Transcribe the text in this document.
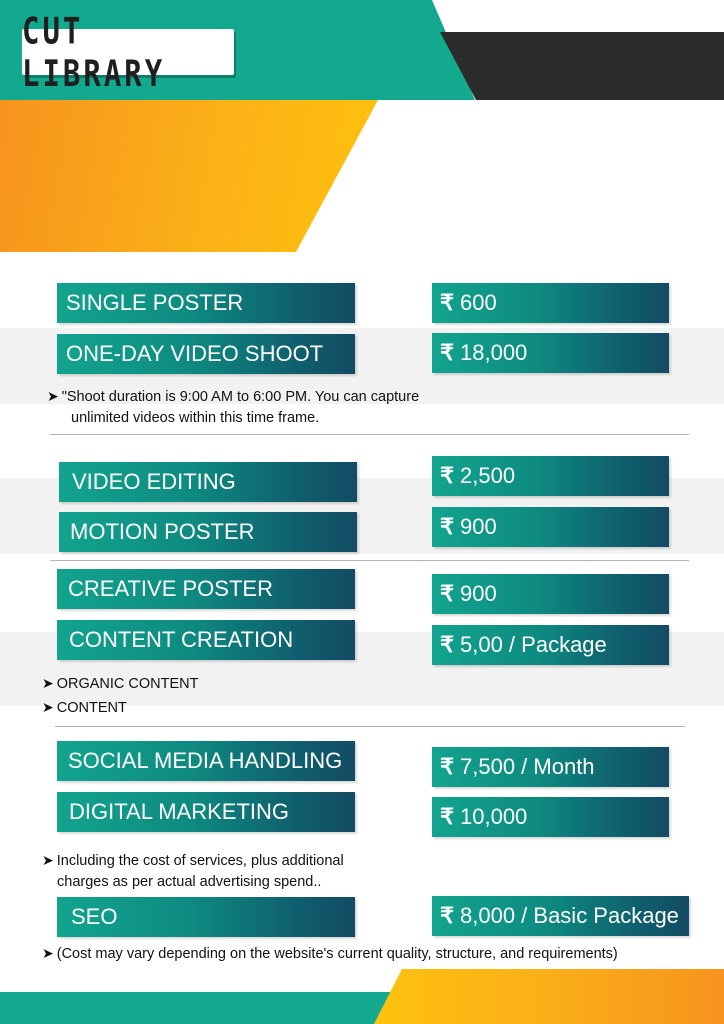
CUT LIBRARY
SINGLE POSTER	₹ 600
ONE-DAY VIDEO SHOOT	₹ 18,000
➤ "Shoot duration is 9:00 AM to 6:00 PM. You can capture
unlimited videos within this time frame.
VIDEO EDITING	₹ 2,500
MOTION POSTER	₹ 900
CREATIVE POSTER	₹ 900
CONTENT CREATION	₹ 5,00 / Package
➤ ORGANIC CONTENT
➤ CONTENT
SOCIAL MEDIA HANDLING	₹ 7,500 / Month
DIGITAL MARKETING	₹ 10,000
➤ Including the cost of services, plus additional
charges as per actual advertising spend..
SEO	₹ 8,000 / Basic Package
➤ (Cost may vary depending on the website's current quality, structure, and requirements)
